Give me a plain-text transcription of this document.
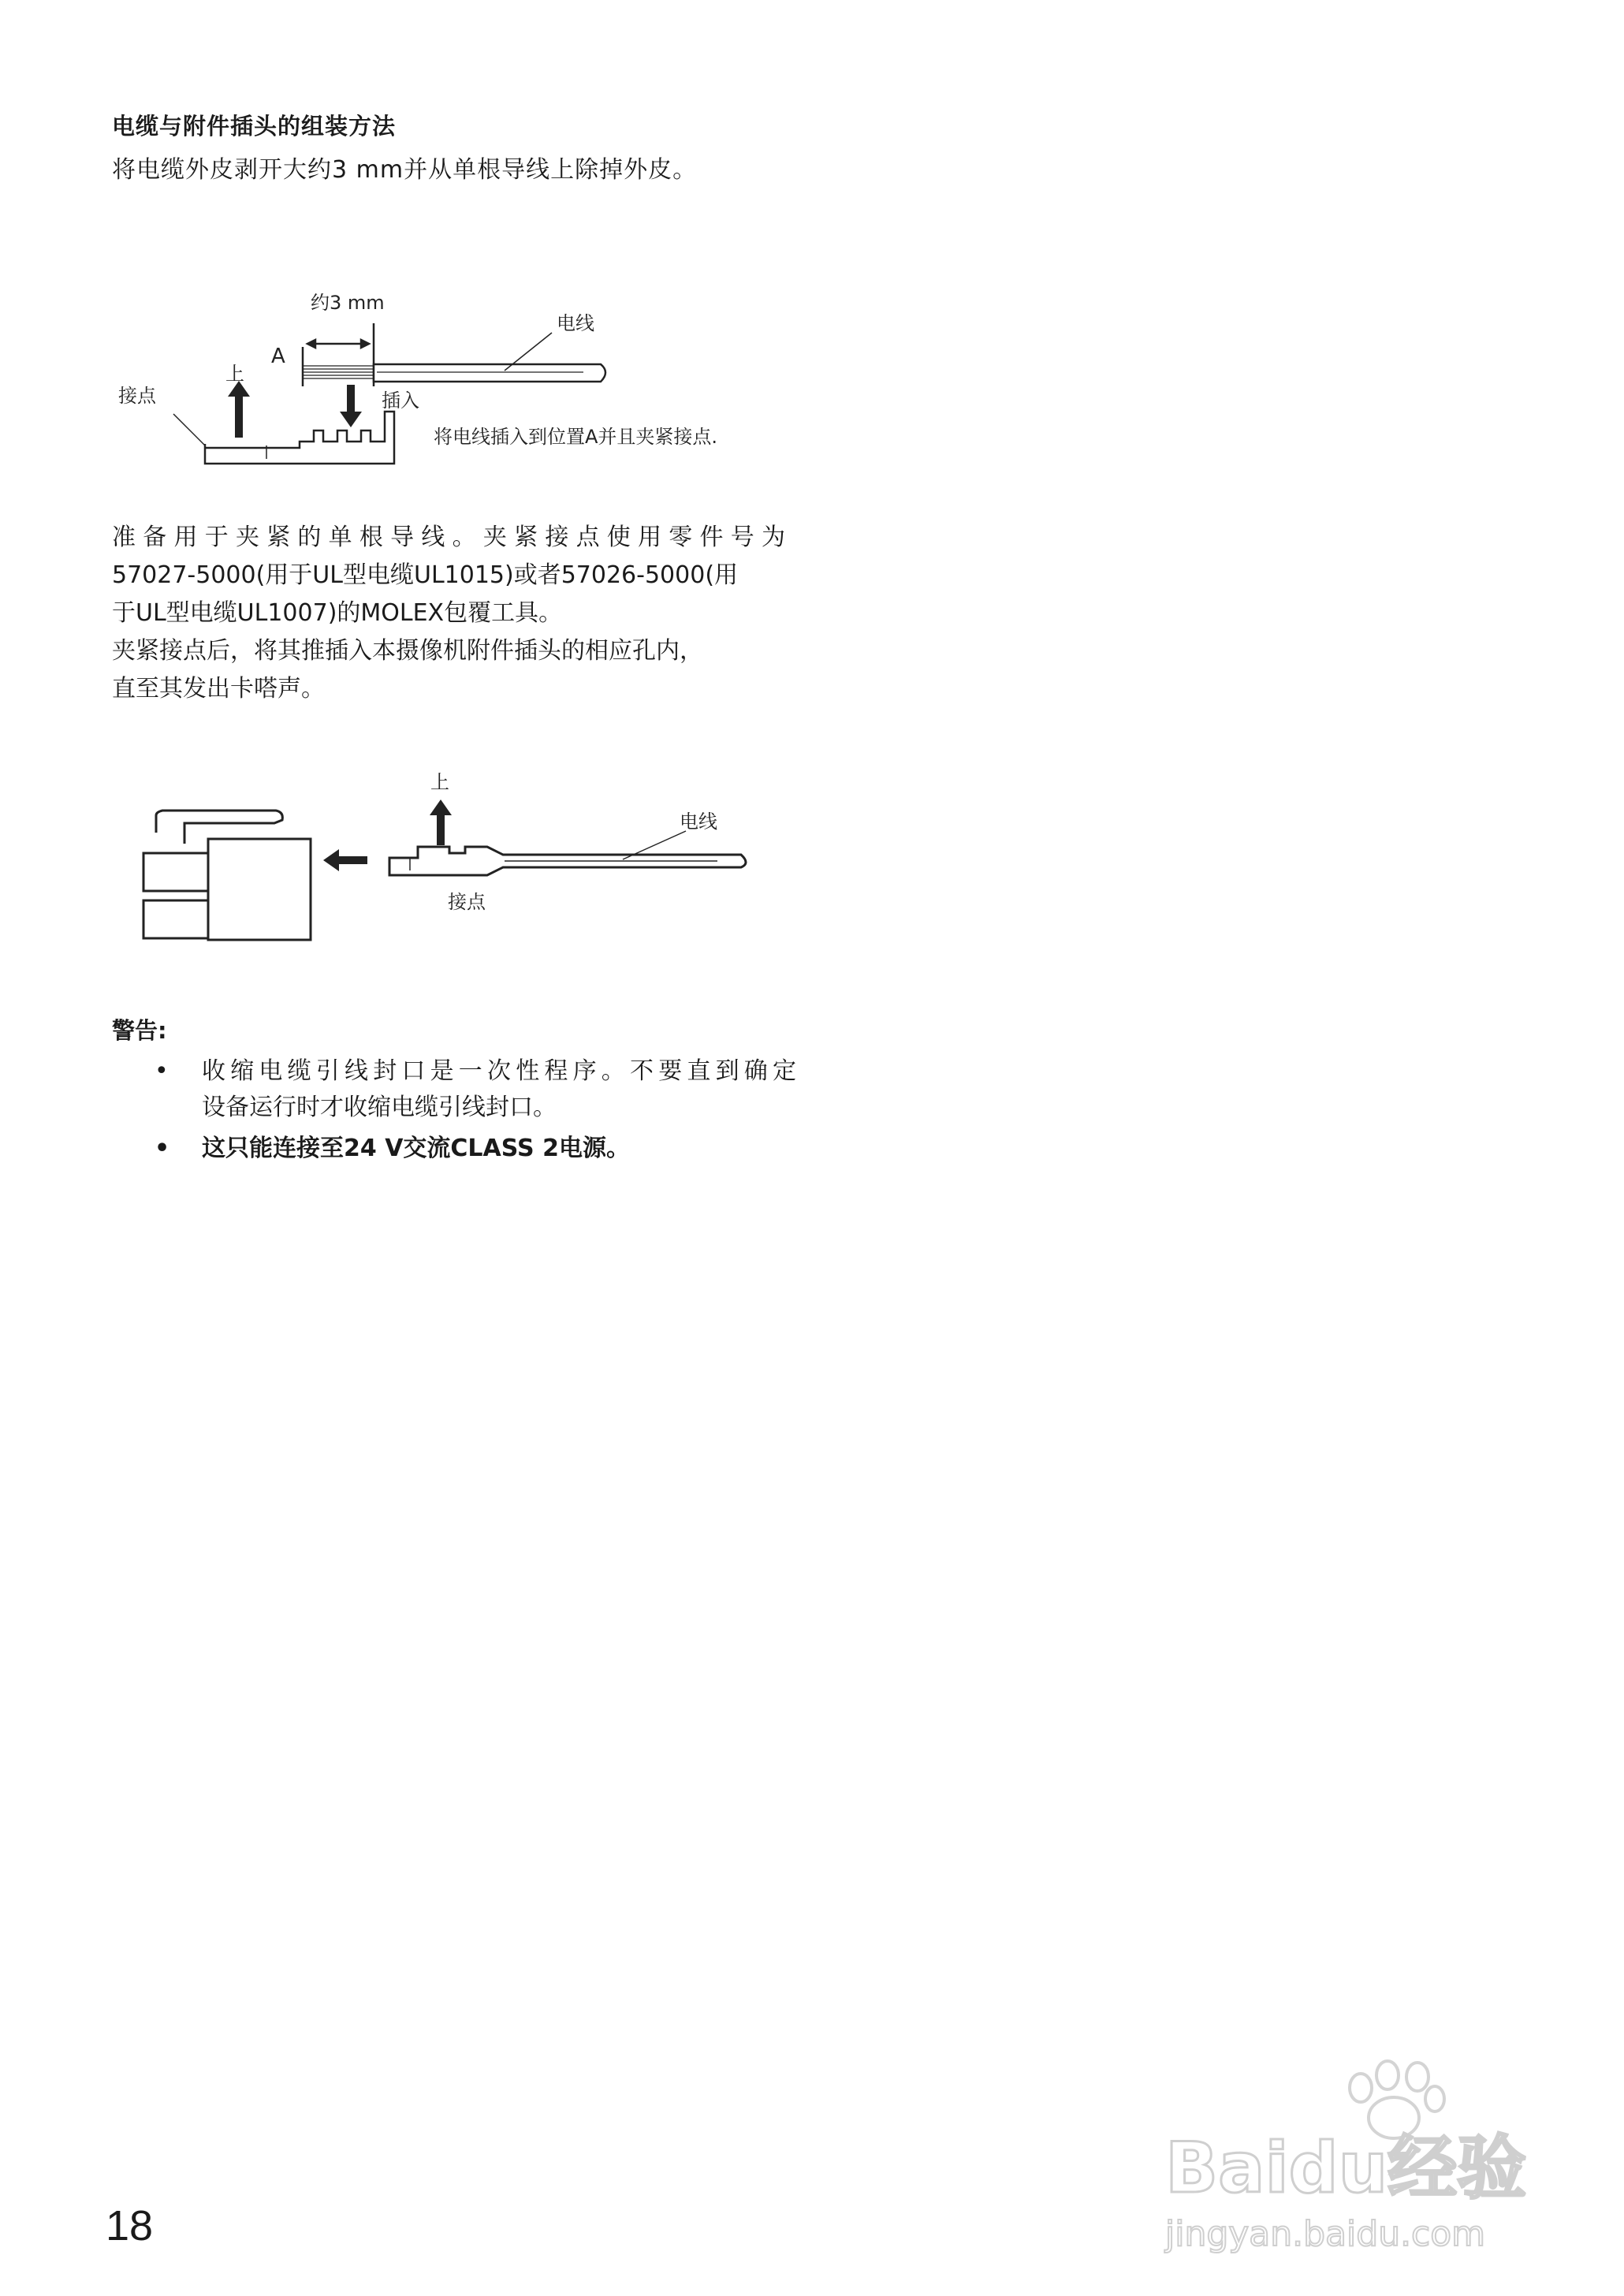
电缆与附件插头的组装方法
将电缆外皮剥开大约3 mm并从单根导线上除掉外皮。
约3 mm
A
电线
上
接点	插入
将电线插入到位置A并且夹紧接点.

准备用于夹紧的单根导线。夹紧接点使用零件号为

57027-5000(用于UL型电缆UL1015)或者57026-5000(用

于UL型电缆UL1007)的MOLEX包覆工具。

夹紧接点后，将其推插入本摄像机附件插头的相应孔内，

直至其发出卡嗒声。

上
电线
接点
警告:
• 收缩电缆引线封口是一次性程序。不要直到确定
设备运行时才收缩电缆引线封口。
• 这只能连接至24 V交流CLASS 2电源。
18
Baidu经验
jingyan.baidu.com
